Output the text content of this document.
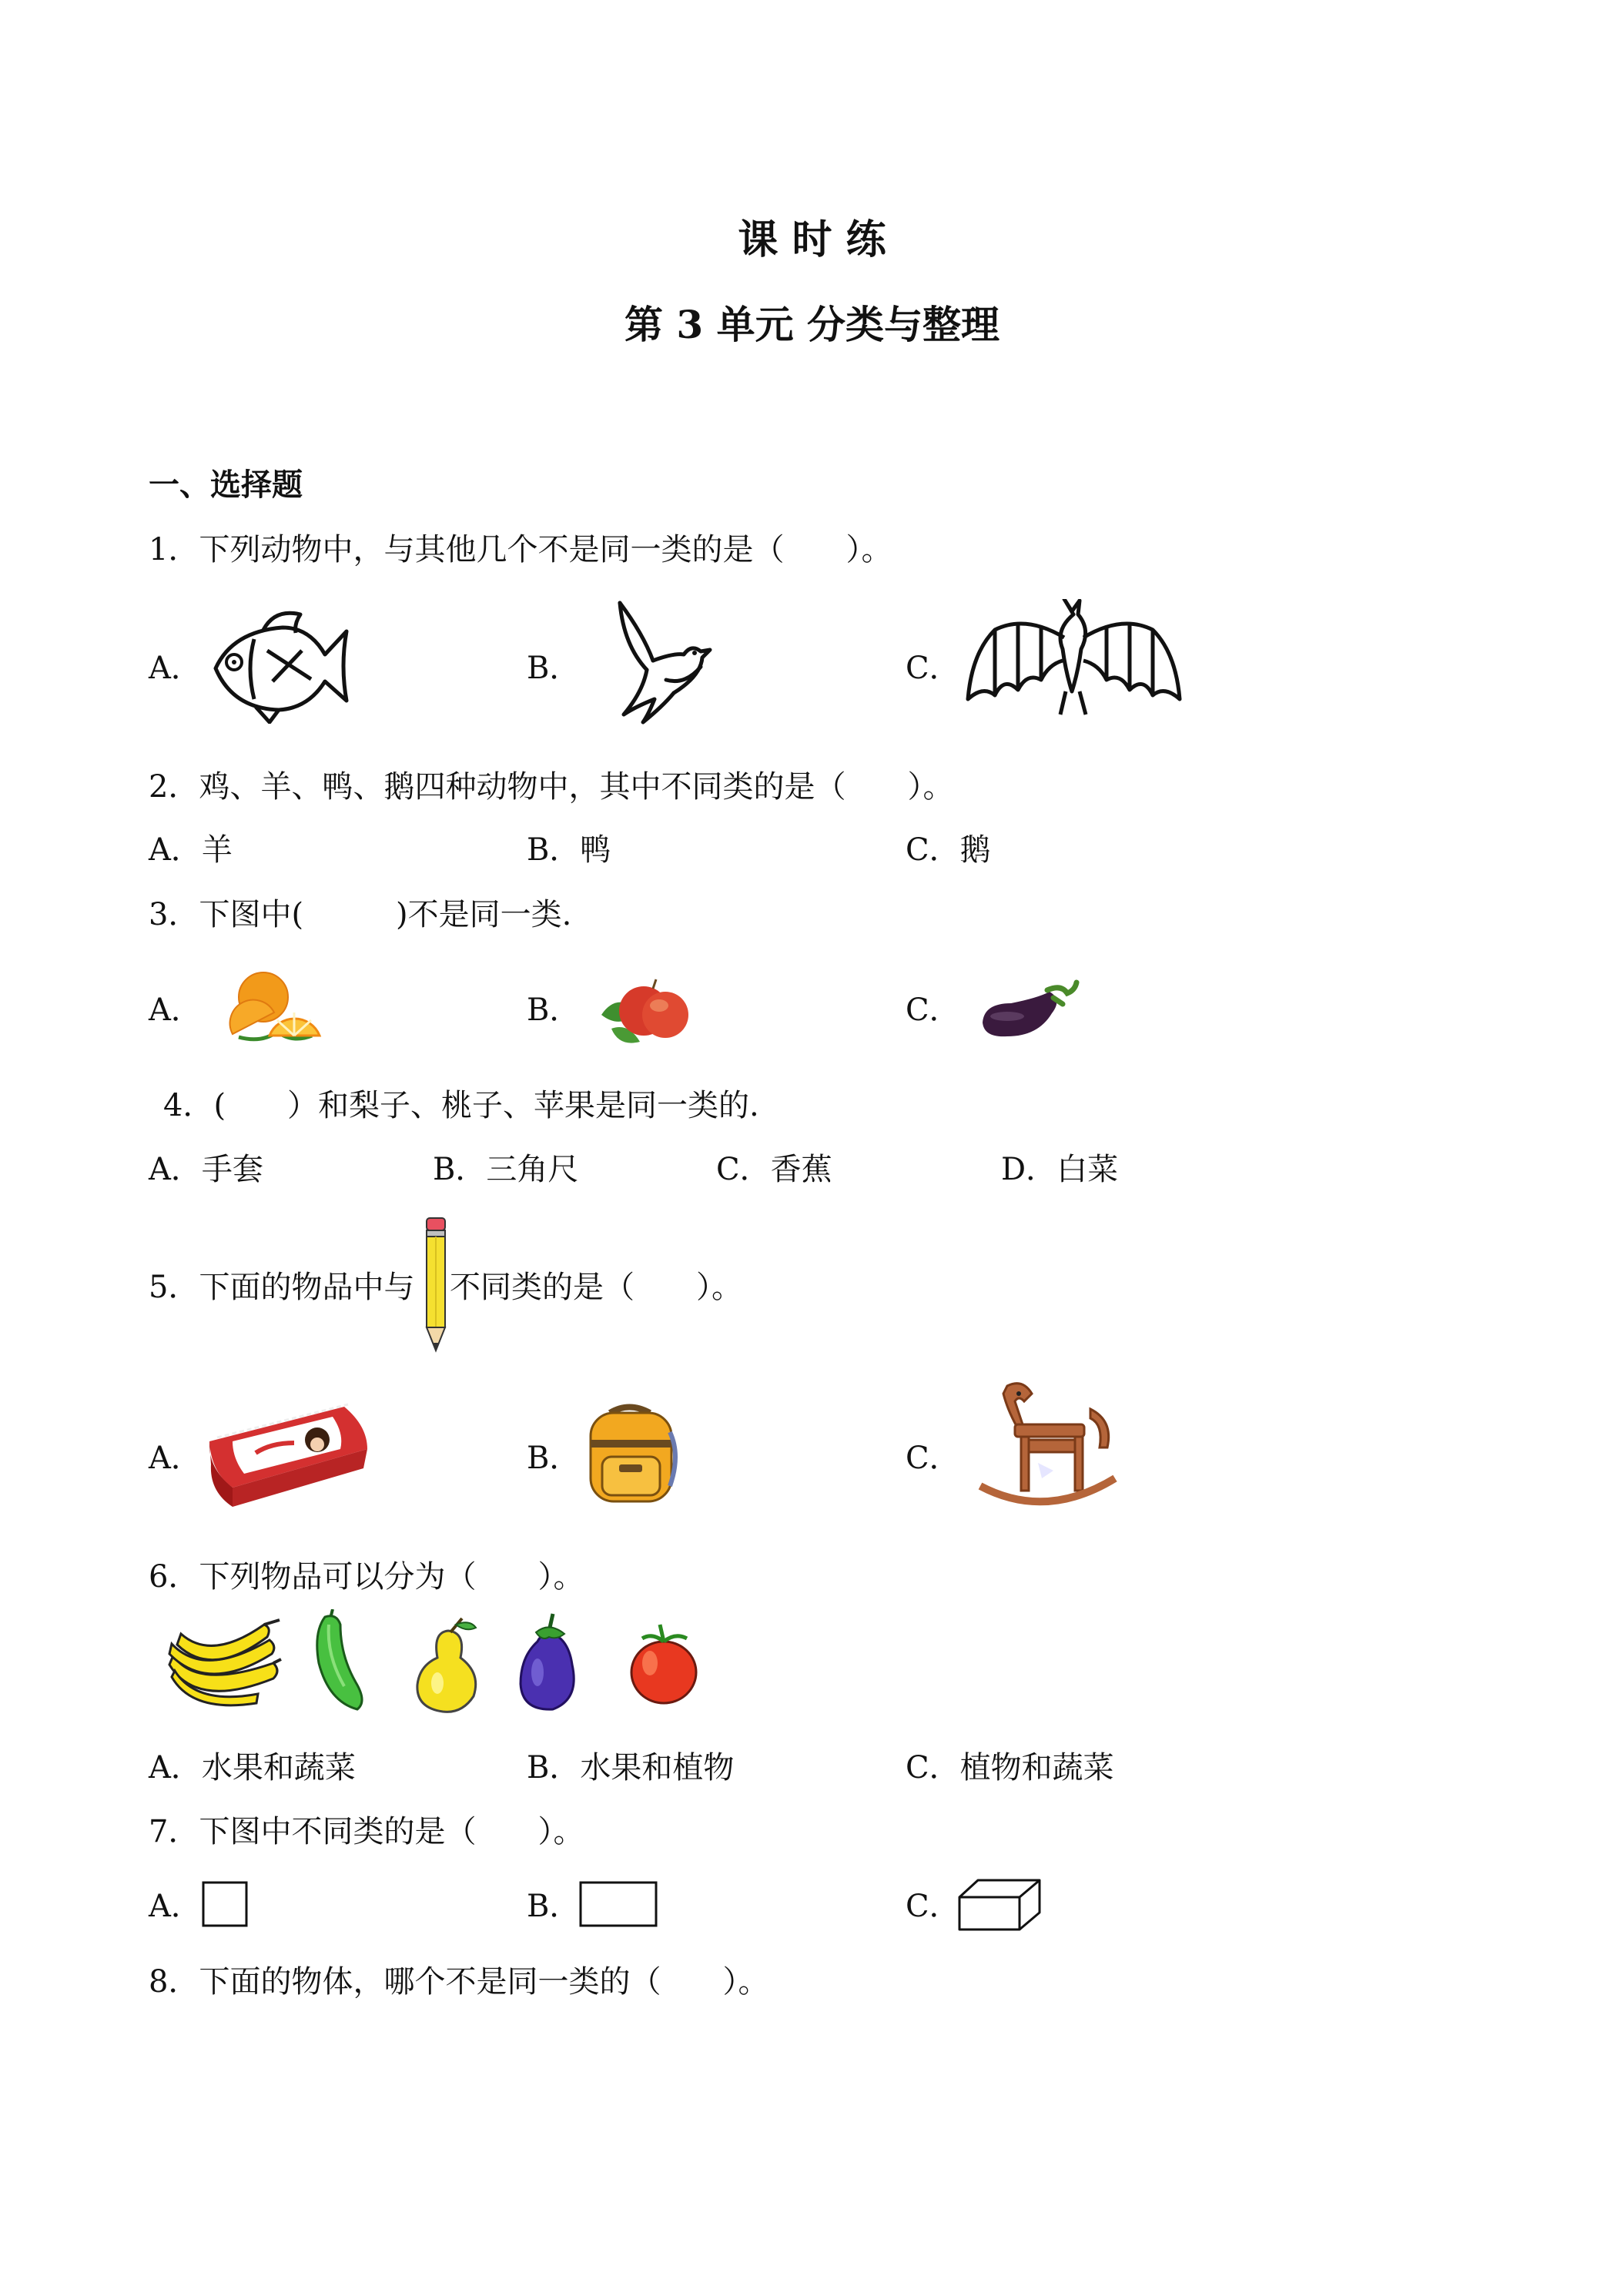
课 时 练
第 3 单元 分类与整理
一、选择题
1．下列动物中，与其他几个不是同一类的是（　　）。
A．	B．	C．
2．鸡、羊、鸭、鹅四种动物中，其中不同类的是（　　）。
A．羊	B．鸭	C．鹅
3．下图中(　　　)不是同一类.
A．	B．	C．
4．(　　）和梨子、桃子、苹果是同一类的.
A．手套	B．三角尺	C．香蕉	D．白菜
5．下面的物品中与 不同类的是（　　）。
A．	B．	C．
6．下列物品可以分为（　　）。
A．水果和蔬菜	B．水果和植物	C．植物和蔬菜
7．下图中不同类的是（　　）。
A．	B．	C．
8．下面的物体，哪个不是同一类的（　　）。
